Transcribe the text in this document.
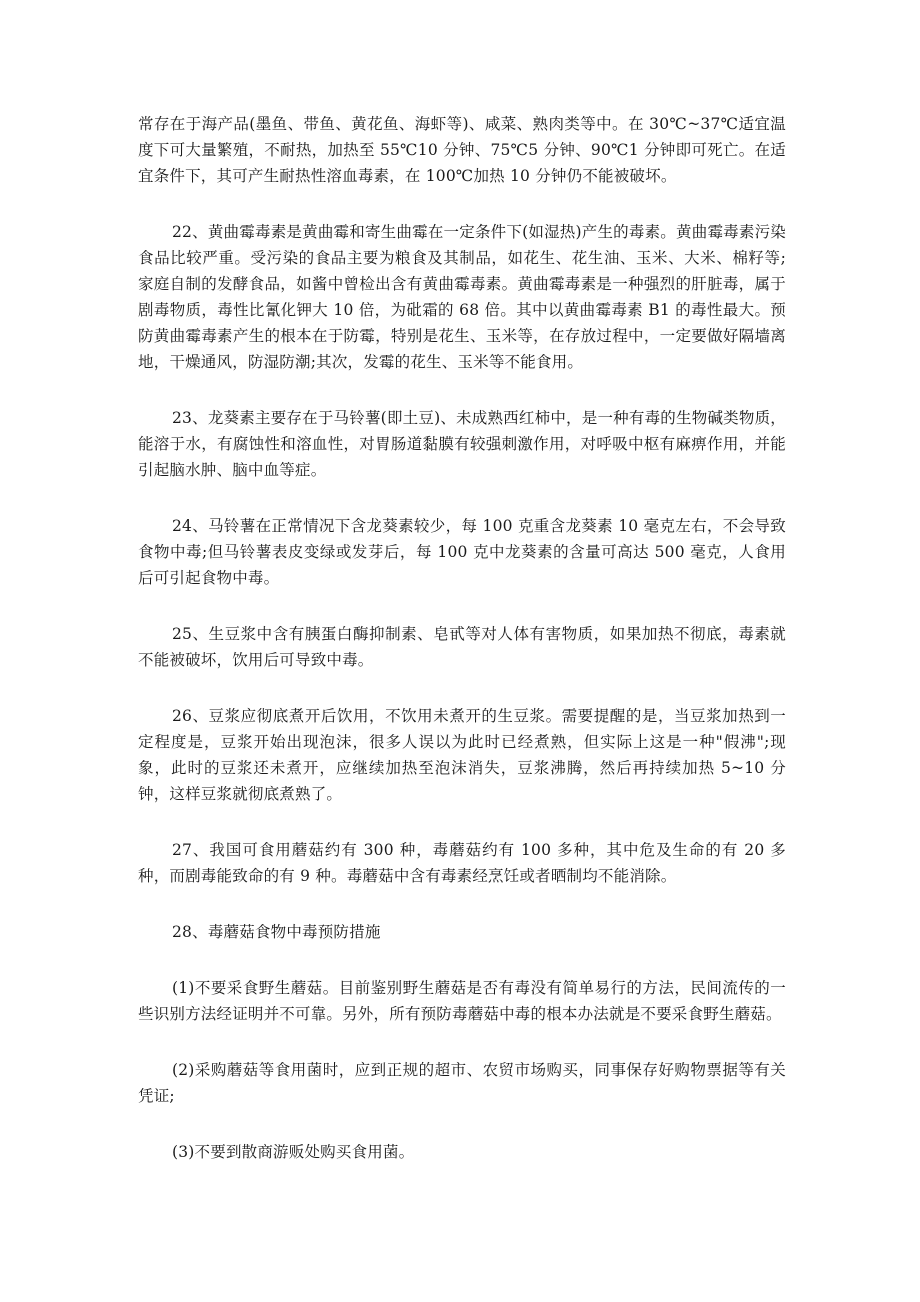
常存在于海产品(墨鱼、带鱼、黄花鱼、海虾等)、咸菜、熟肉类等中。在 30℃~37℃适宜温度下可大量繁殖，不耐热，加热至 55℃10 分钟、75℃5 分钟、90℃1 分钟即可死亡。在适宜条件下，其可产生耐热性溶血毒素，在 100℃加热 10 分钟仍不能被破坏。

22、黄曲霉毒素是黄曲霉和寄生曲霉在一定条件下(如湿热)产生的毒素。黄曲霉毒素污染食品比较严重。受污染的食品主要为粮食及其制品，如花生、花生油、玉米、大米、棉籽等;家庭自制的发酵食品，如酱中曾检出含有黄曲霉毒素。黄曲霉毒素是一种强烈的肝脏毒，属于剧毒物质，毒性比氰化钾大 10 倍，为砒霜的 68 倍。其中以黄曲霉毒素 B1 的毒性最大。预防黄曲霉毒素产生的根本在于防霉，特别是花生、玉米等，在存放过程中，一定要做好隔墙离地，干燥通风，防湿防潮;其次，发霉的花生、玉米等不能食用。

23、龙葵素主要存在于马铃薯(即土豆)、未成熟西红柿中，是一种有毒的生物碱类物质，能溶于水，有腐蚀性和溶血性，对胃肠道黏膜有较强刺激作用，对呼吸中枢有麻痹作用，并能引起脑水肿、脑中血等症。

24、马铃薯在正常情况下含龙葵素较少，每 100 克重含龙葵素 10 毫克左右，不会导致食物中毒;但马铃薯表皮变绿或发芽后，每 100 克中龙葵素的含量可高达 500 毫克，人食用后可引起食物中毒。

25、生豆浆中含有胰蛋白酶抑制素、皂甙等对人体有害物质，如果加热不彻底，毒素就不能被破坏，饮用后可导致中毒。

26、豆浆应彻底煮开后饮用，不饮用未煮开的生豆浆。需要提醒的是，当豆浆加热到一定程度是，豆浆开始出现泡沫，很多人误以为此时已经煮熟，但实际上这是一种"假沸";现象，此时的豆浆还未煮开，应继续加热至泡沫消失，豆浆沸腾，然后再持续加热 5~10 分钟，这样豆浆就彻底煮熟了。

27、我国可食用蘑菇约有 300 种，毒蘑菇约有 100 多种，其中危及生命的有 20 多种，而剧毒能致命的有 9 种。毒蘑菇中含有毒素经烹饪或者晒制均不能消除。

28、毒蘑菇食物中毒预防措施

(1)不要采食野生蘑菇。目前鉴别野生蘑菇是否有毒没有简单易行的方法，民间流传的一些识别方法经证明并不可靠。另外，所有预防毒蘑菇中毒的根本办法就是不要采食野生蘑菇。

(2)采购蘑菇等食用菌时，应到正规的超市、农贸市场购买，同事保存好购物票据等有关凭证;

(3)不要到散商游贩处购买食用菌。
